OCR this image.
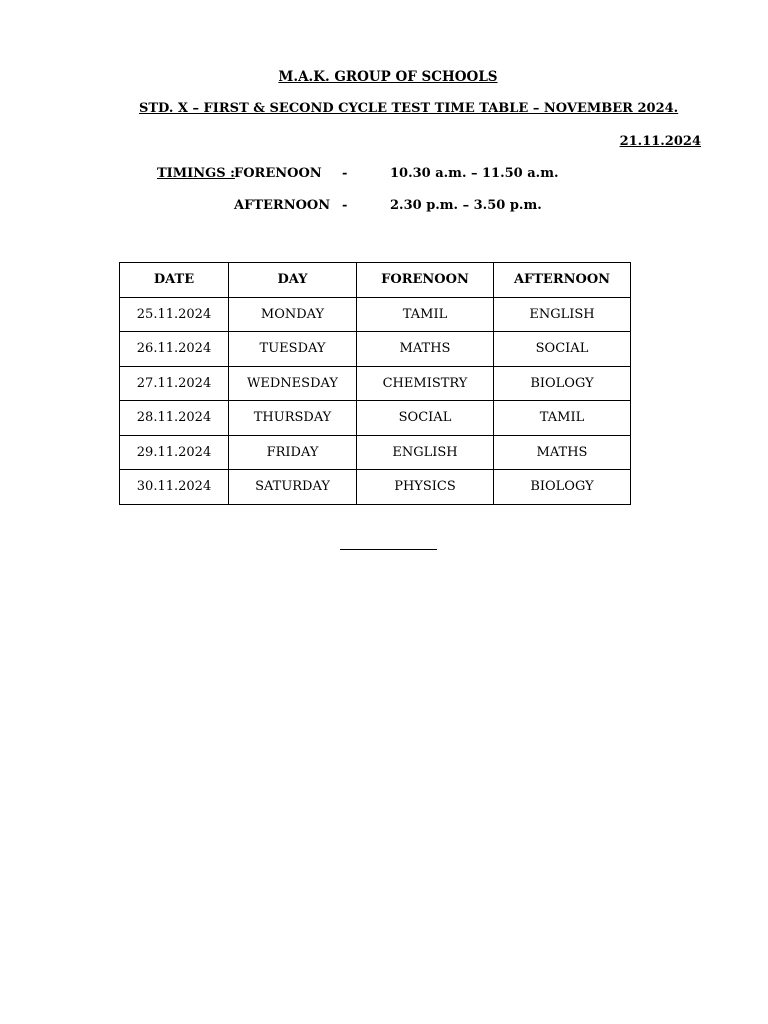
M.A.K. GROUP OF SCHOOLS
STD. X – FIRST & SECOND CYCLE TEST TIME TABLE – NOVEMBER 2024.
21.11.2024
TIMINGS : FORENOON -	10.30 a.m. – 11.50 a.m.
AFTERNOON -	2.30 p.m. – 3.50 p.m.
DATE	DAY	FORENOON	AFTERNOON
25.11.2024	MONDAY	TAMIL	ENGLISH
26.11.2024	TUESDAY	MATHS	SOCIAL
27.11.2024	WEDNESDAY	CHEMISTRY	BIOLOGY
28.11.2024	THURSDAY	SOCIAL	TAMIL
29.11.2024	FRIDAY	ENGLISH	MATHS
30.11.2024	SATURDAY	PHYSICS	BIOLOGY
